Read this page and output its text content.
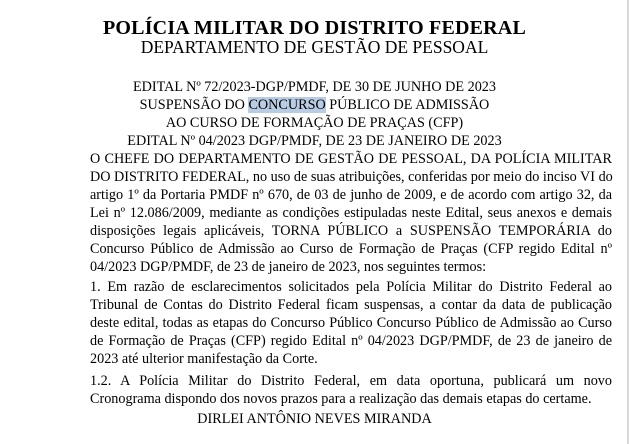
POLÍCIA MILITAR DO DISTRITO FEDERAL
DEPARTAMENTO DE GESTÃO DE PESSOAL
EDITAL Nº 72/2023-DGP/PMDF, DE 30 DE JUNHO DE 2023
SUSPENSÃO DO CONCURSO PÚBLICO DE ADMISSÃO
AO CURSO DE FORMAÇÃO DE PRAÇAS (CFP)
EDITAL Nº 04/2023 DGP/PMDF, DE 23 DE JANEIRO DE 2023
O CHEFE DO DEPARTAMENTO DE GESTÃO DE PESSOAL, DA POLÍCIA MILITAR
DO DISTRITO FEDERAL, no uso de suas atribuições, conferidas por meio do inciso VI do
artigo 1º da Portaria PMDF nº 670, de 03 de junho de 2009, e de acordo com artigo 32, da
Lei nº 12.086/2009, mediante as condições estipuladas neste Edital, seus anexos e demais
disposições legais aplicáveis, TORNA PÚBLICO a SUSPENSÃO TEMPORÁRIA do
Concurso Público de Admissão ao Curso de Formação de Praças (CFP regido Edital nº
04/2023 DGP/PMDF, de 23 de janeiro de 2023, nos seguintes termos:
1. Em razão de esclarecimentos solicitados pela Polícia Militar do Distrito Federal ao
Tribunal de Contas do Distrito Federal ficam suspensas, a contar da data de publicação
deste edital, todas as etapas do Concurso Público Concurso Público de Admissão ao Curso
de Formação de Praças (CFP) regido Edital nº 04/2023 DGP/PMDF, de 23 de janeiro de
2023 até ulterior manifestação da Corte.
1.2. A Polícia Militar do Distrito Federal, em data oportuna, publicará um novo
Cronograma dispondo dos novos prazos para a realização das demais etapas do certame.
DIRLEI ANTÔNIO NEVES MIRANDA
